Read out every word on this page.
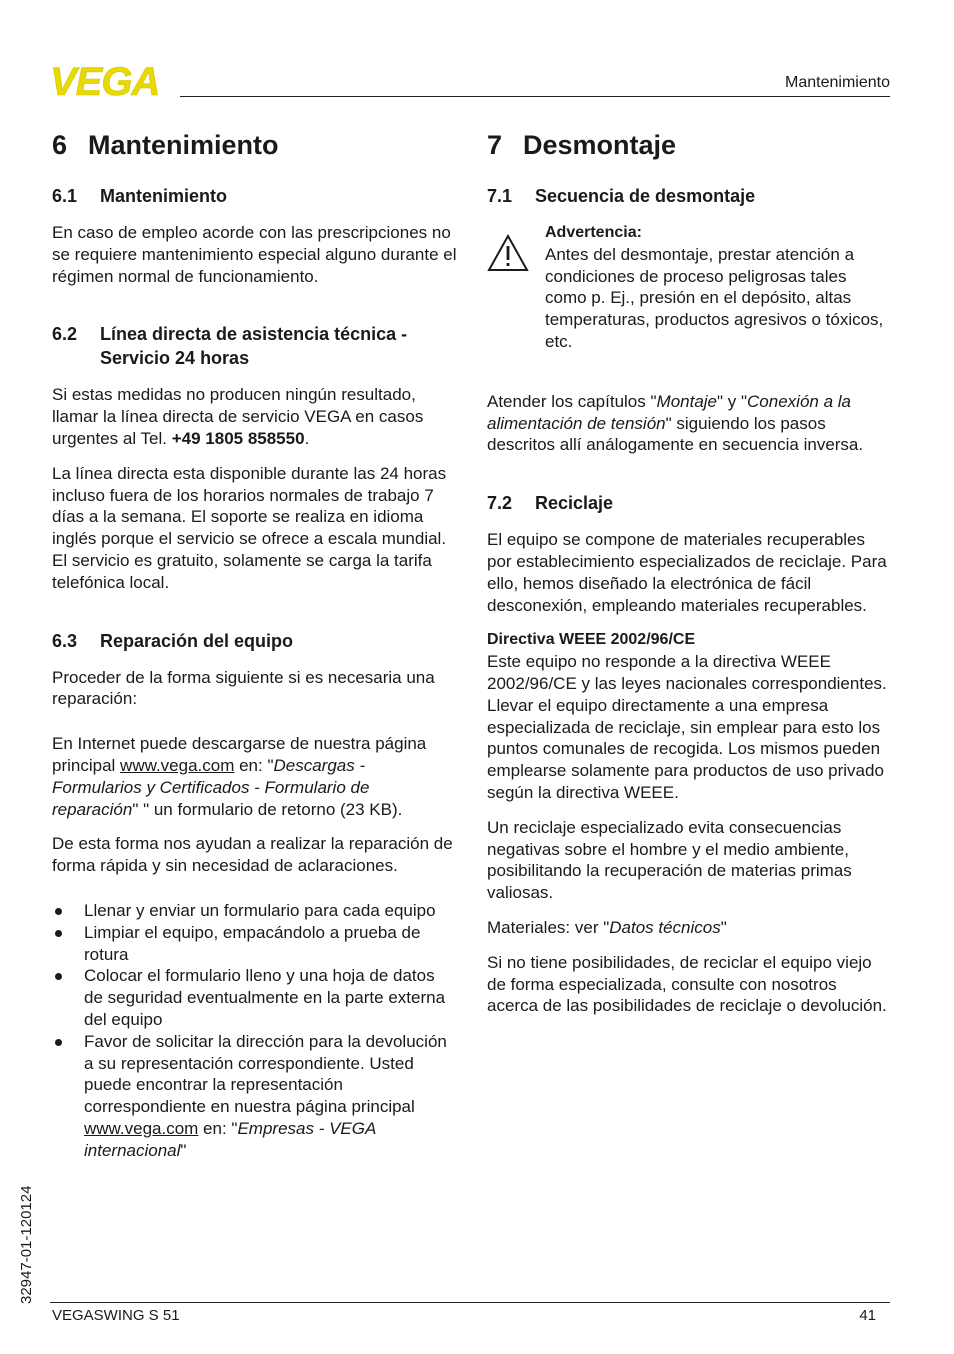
VEGA	Mantenimiento
6 Mantenimiento
6.1	Mantenimiento

En caso de empleo acorde con las prescripciones no se requiere mantenimiento especial alguno durante el régimen normal de funcionamiento.

6.2	Línea directa de asistencia técnica - Servicio 24 horas

Si estas medidas no producen ningún resultado, llamar la línea directa de servicio VEGA en casos urgentes al Tel. +49 1805 858550.

La línea directa esta disponible durante las 24 horas incluso fuera de los horarios normales de trabajo 7 días a la semana. El soporte se realiza en idioma inglés porque el servicio se ofrece a escala mundial. El servicio es gratuito, solamente se carga la tarifa telefónica local.

6.3	Reparación del equipo

Proceder de la forma siguiente si es necesaria una reparación:

En Internet puede descargarse de nuestra página principal www.vega.com en: "Descargas - Formularios y Certificados - Formulario de reparación" " un formulario de retorno (23 KB).

De esta forma nos ayudan a realizar la reparación de forma rápida y sin necesidad de aclaraciones.

Llenar y enviar un formulario para cada equipo
Limpiar el equipo, empacándolo a prueba de rotura
Colocar el formulario lleno y una hoja de datos de seguridad eventualmente en la parte externa del equipo
Favor de solicitar la dirección para la devolución a su representación correspondiente. Usted puede encontrar la representación correspondiente en nuestra página principal www.vega.com en: "Empresas - VEGA internacional"
7 Desmontaje
7.1	Secuencia de desmontaje
Advertencia:
Antes del desmontaje, prestar atención a condiciones de proceso peligrosas tales como p. Ej., presión en el depósito, altas temperaturas, productos agresivos o tóxicos, etc.

Atender los capítulos "Montaje" y "Conexión a la alimentación de tensión" siguiendo los pasos descritos allí análogamente en secuencia inversa.

7.2	Reciclaje

El equipo se compone de materiales recuperables por establecimiento especializados de reciclaje. Para ello, hemos diseñado la electrónica de fácil desconexión, empleando materiales recuperables.

Directiva WEEE 2002/96/CE

Este equipo no responde a la directiva WEEE 2002/96/CE y las leyes nacionales correspondientes. Llevar el equipo directamente a una empresa especializada de reciclaje, sin emplear para esto los puntos comunales de recogida. Los mismos pueden emplearse solamente para productos de uso privado según la directiva WEEE.

Un reciclaje especializado evita consecuencias negativas sobre el hombre y el medio ambiente, posibilitando la recuperación de materias primas valiosas.

Materiales: ver "Datos técnicos"

Si no tiene posibilidades, de reciclar el equipo viejo de forma especializada, consulte con nosotros acerca de las posibilidades de reciclaje o devolución.

32947-01-120124
VEGASWING S 51	41
